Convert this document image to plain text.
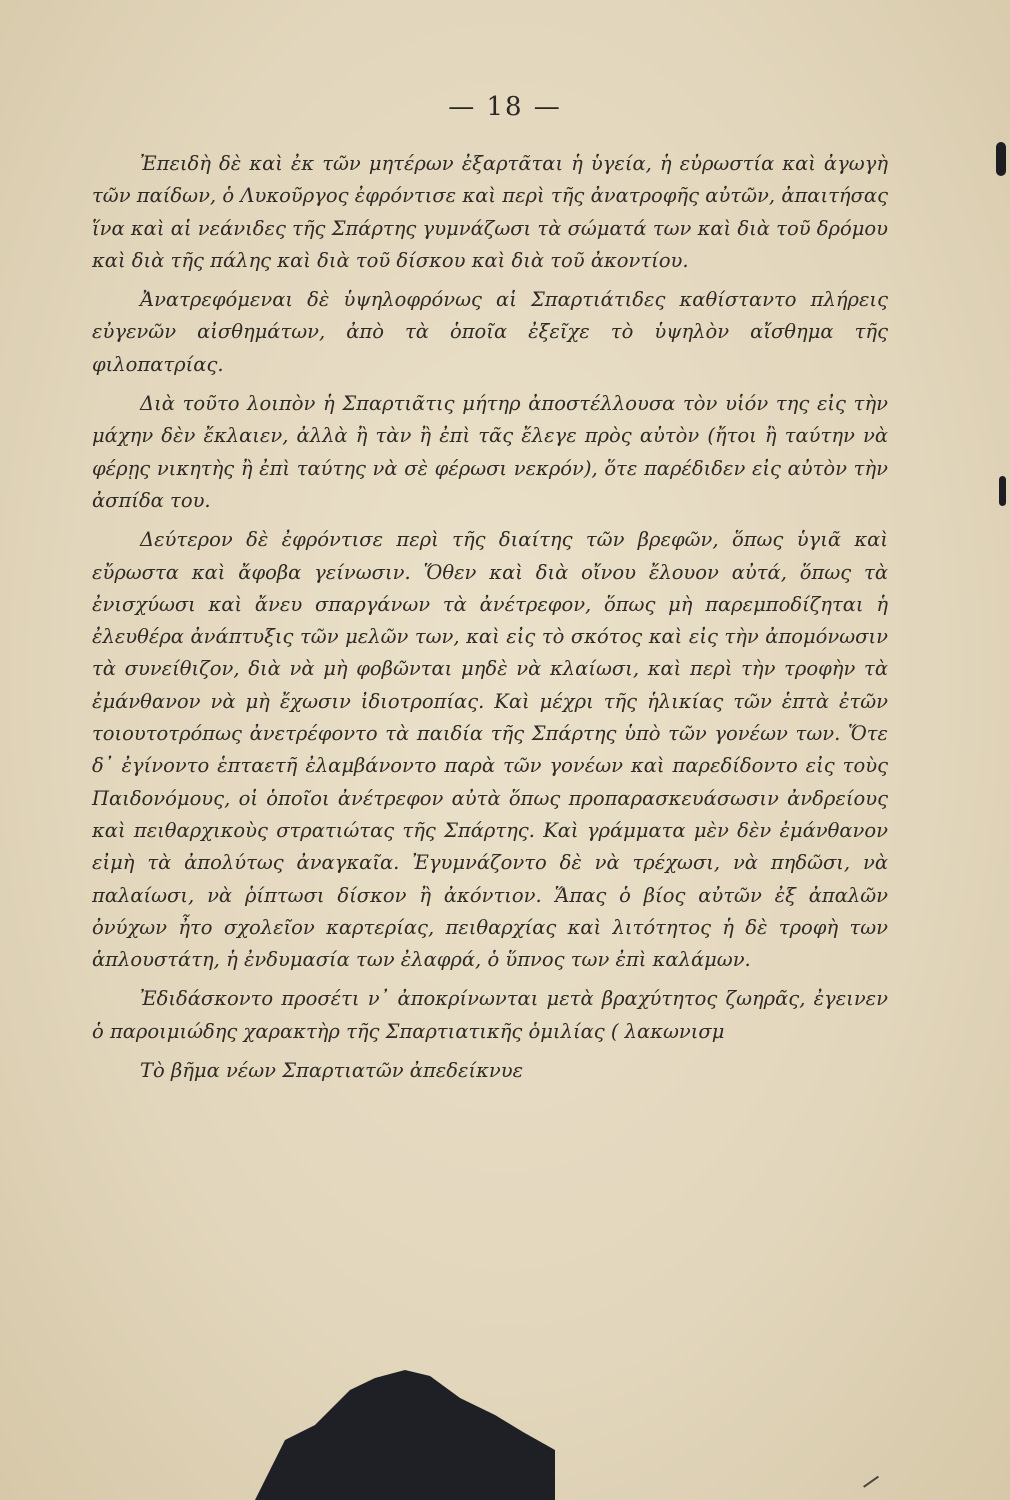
— 18 —

Ἐπειδὴ δὲ καὶ ἐκ τῶν μητέρων ἐξαρτᾶται ἡ ὑγεία, ἡ εὐρωστία καὶ ἀγωγὴ τῶν παίδων, ὁ Λυκοῦργος ἐφρόντισε καὶ περὶ τῆς ἀνατροφῆς αὐτῶν, ἀπαιτήσας ἵνα καὶ αἱ νεάνιδες τῆς Σπάρτης γυμνάζωσι τὰ σώματά των καὶ διὰ τοῦ δρόμου καὶ διὰ τῆς πάλης καὶ διὰ τοῦ δίσκου καὶ διὰ τοῦ ἀκοντίου.

Ἀνατρεφόμεναι δὲ ὑψηλοφρόνως αἱ Σπαρτιάτιδες καθίσταντο πλήρεις εὐγενῶν αἰσθημάτων, ἀπὸ τὰ ὁποῖα ἐξεῖχε τὸ ὑψηλὸν αἴσθημα τῆς φιλοπατρίας.

Διὰ τοῦτο λοιπὸν ἡ Σπαρτιᾶτις μήτηρ ἀποστέλλουσα τὸν υἱόν της εἰς τὴν μάχην δὲν ἔκλαιεν, ἀλλὰ ἢ τὰν ἢ ἐπὶ τᾶς ἔλεγε πρὸς αὐτὸν (ἤτοι ἢ ταύτην νὰ φέρῃς νικητὴς ἢ ἐπὶ ταύτης νὰ σὲ φέρωσι νεκρόν), ὅτε παρέδιδεν εἰς αὐτὸν τὴν ἀσπίδα του.

Δεύτερον δὲ ἐφρόντισε περὶ τῆς διαίτης τῶν βρεφῶν, ὅπως ὑγιᾶ καὶ εὔρωστα καὶ ἄφοβα γείνωσιν. Ὅθεν καὶ διὰ οἴνου ἔλουον αὐτά, ὅπως τὰ ἐνισχύωσι καὶ ἄνευ σπαργάνων τὰ ἀνέτρεφον, ὅπως μὴ παρεμποδίζηται ἡ ἐλευθέρα ἀνάπτυξις τῶν μελῶν των, καὶ εἰς τὸ σκότος καὶ εἰς τὴν ἀπομόνωσιν τὰ συνείθιζον, διὰ νὰ μὴ φοβῶνται μηδὲ νὰ κλαίωσι, καὶ περὶ τὴν τροφὴν τὰ ἐμάνθανον νὰ μὴ ἔχωσιν ἰδιοτροπίας. Καὶ μέχρι τῆς ἡλικίας τῶν ἑπτὰ ἐτῶν τοιουτοτρόπως ἀνετρέφοντο τὰ παιδία τῆς Σπάρτης ὑπὸ τῶν γονέων των. Ὅτε δ᾽ ἐγίνοντο ἑπταετῆ ἐλαμβάνοντο παρὰ τῶν γονέων καὶ παρεδίδοντο εἰς τοὺς Παιδονόμους, οἱ ὁποῖοι ἀνέτρεφον αὐτὰ ὅπως προπαρασκευάσωσιν ἀνδρείους καὶ πειθαρχικοὺς στρατιώτας τῆς Σπάρτης. Καὶ γράμματα μὲν δὲν ἐμάνθανον εἰμὴ τὰ ἀπολύτως ἀναγκαῖα. Ἐγυμνάζοντο δὲ νὰ τρέχωσι, νὰ πηδῶσι, νὰ παλαίωσι, νὰ ῥίπτωσι δίσκον ἢ ἀκόντιον. Ἅπας ὁ βίος αὐτῶν ἐξ ἀπαλῶν ὀνύχων ἦτο σχολεῖον καρτερίας, πειθαρχίας καὶ λιτότητος ἡ δὲ τροφὴ των ἁπλουστάτη, ἡ ἐνδυμασία των ἐλαφρά, ὁ ὕπνος των ἐπὶ καλάμων.

Ἐδιδάσκοντο προσέτι ν᾽ ἀποκρίνωνται μετὰ βραχύτητος ζωηρᾶς, ἐγεινεν ὁ παροιμιώδης χαρακτὴρ τῆς Σπαρτιατικῆς ὁμιλίας ( λακωνισμ

Τὸ βῆμα νέων Σπαρτιατῶν ἀπεδείκνυε
